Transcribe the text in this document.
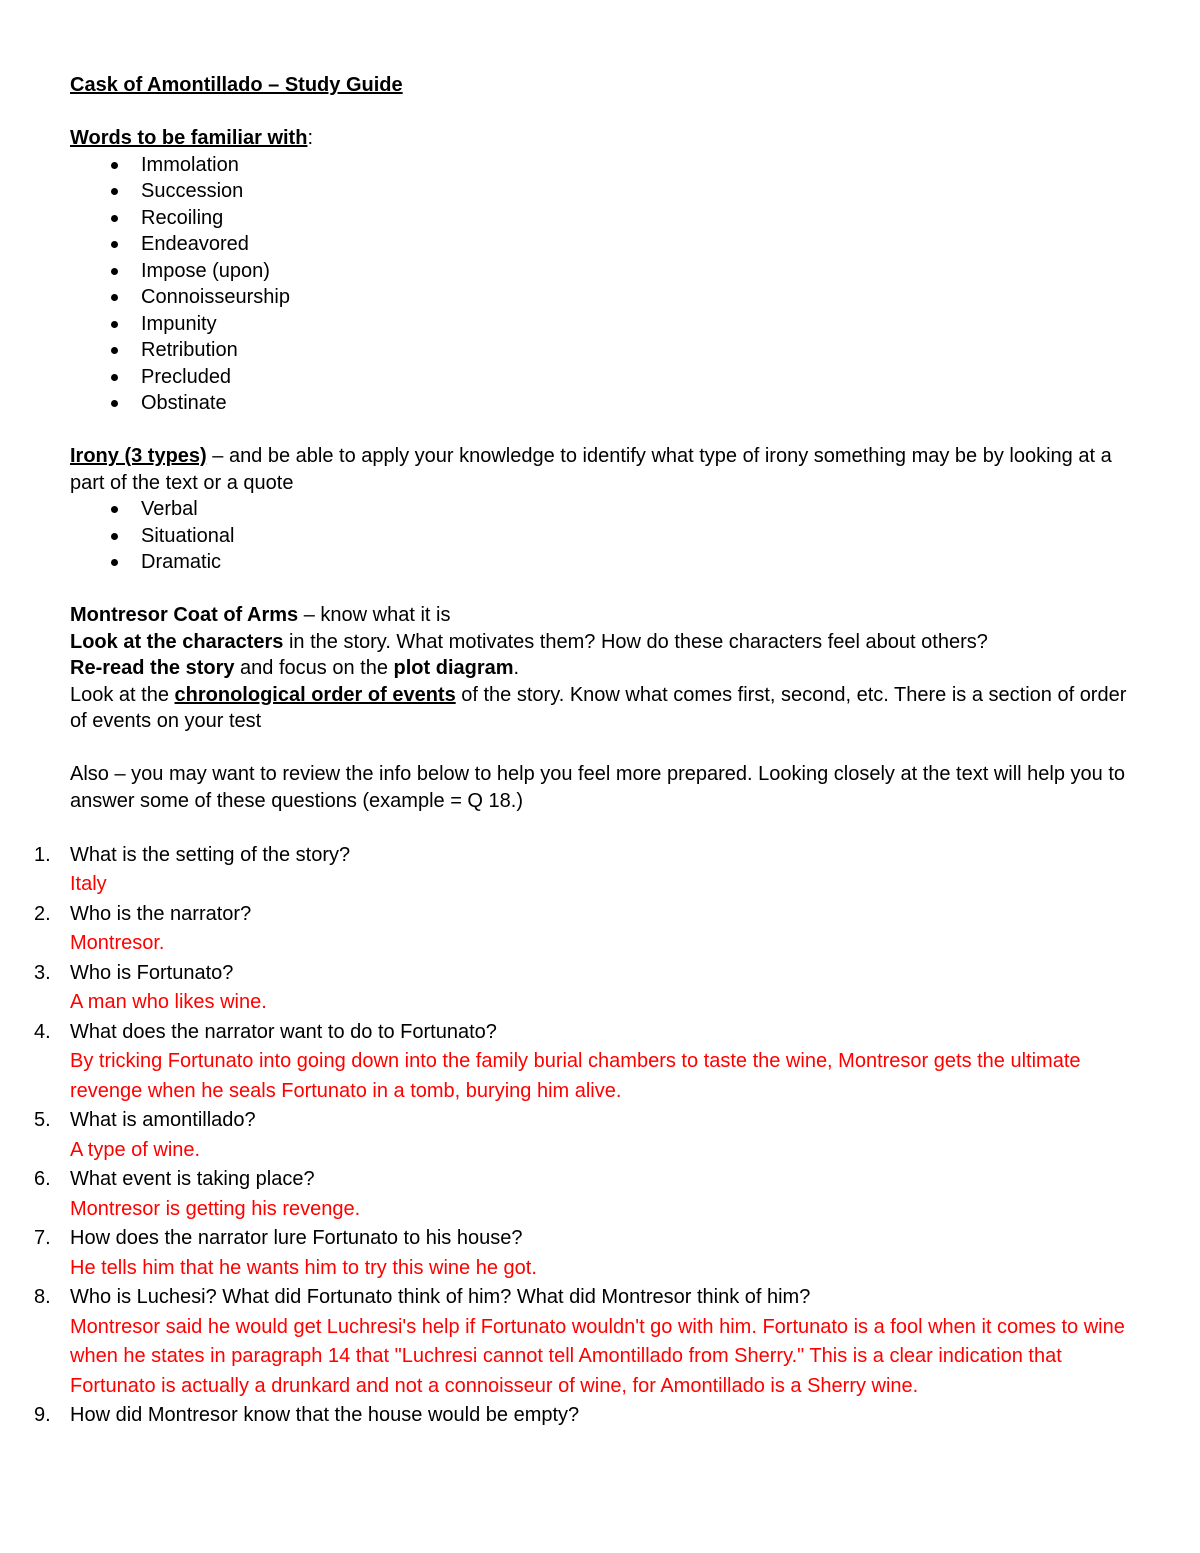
Cask of Amontillado – Study Guide

Words to be familiar with:

Immolation
Succession
Recoiling
Endeavored
Impose (upon)
Connoisseurship
Impunity
Retribution
Precluded
Obstinate

Irony (3 types) – and be able to apply your knowledge to identify what type of irony something may be by looking at a part of the text or a quote

Verbal
Situational
Dramatic

Montresor Coat of Arms – know what it is

Look at the characters in the story. What motivates them? How do these characters feel about others?

Re-read the story and focus on the plot diagram.

Look at the chronological order of events of the story. Know what comes first, second, etc. There is a section of order of events on your test

Also – you may want to review the info below to help you feel more prepared. Looking closely at the text will help you to answer some of these questions (example = Q 18.)

1. What is the setting of the story?
Italy
2. Who is the narrator?
Montresor.
3. Who is Fortunato?
A man who likes wine.
4. What does the narrator want to do to Fortunato?
By tricking Fortunato into going down into the family burial chambers to taste the wine, Montresor gets the ultimate revenge when he seals Fortunato in a tomb, burying him alive.
5. What is amontillado?
A type of wine.
6. What event is taking place?
Montresor is getting his revenge.
7. How does the narrator lure Fortunato to his house?
He tells him that he wants him to try this wine he got.
8. Who is Luchesi? What did Fortunato think of him? What did Montresor think of him?
Montresor said he would get Luchresi's help if Fortunato wouldn't go with him. Fortunato is a fool when it comes to wine when he states in paragraph 14 that "Luchresi cannot tell Amontillado from Sherry." This is a clear indication that Fortunato is actually a drunkard and not a connoisseur of wine, for Amontillado is a Sherry wine.
9. How did Montresor know that the house would be empty?
